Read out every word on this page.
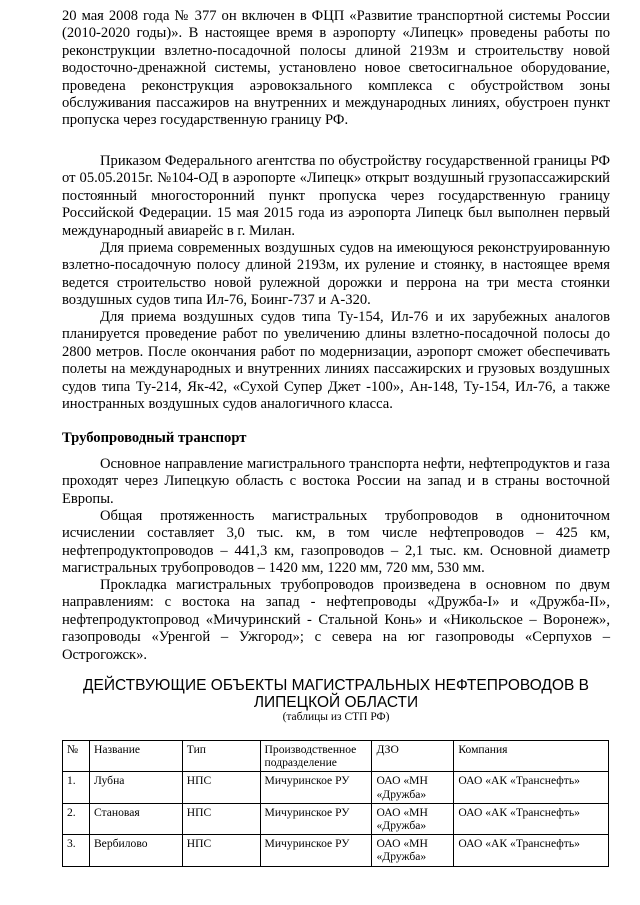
20 мая 2008 года № 377 он включен в ФЦП «Развитие транспортной системы России (2010-2020 годы)». В настоящее время в аэропорту «Липецк» проведены работы по реконструкции взлетно-посадочной полосы длиной 2193м и строительству новой водосточно-дренажной системы, установлено новое светосигнальное оборудование, проведена реконструкция аэровокзального комплекса с обустройством зоны обслуживания пассажиров на внутренних и международных линиях, обустроен пункт пропуска через государственную границу РФ.

Приказом Федерального агентства по обустройству государственной границы РФ от 05.05.2015г. №104-ОД в аэропорте «Липецк» открыт воздушный грузопассажирский постоянный многосторонний пункт пропуска через государственную границу Российской Федерации. 15 мая 2015 года из аэропорта Липецк был выполнен первый международный авиарейс в г. Милан.

Для приема современных воздушных судов на имеющуюся реконструированную взлетно-посадочную полосу длиной 2193м, их руление и стоянку, в настоящее время ведется строительство новой рулежной дорожки и перрона на три места стоянки воздушных судов типа Ил-76, Боинг-737 и А-320.

Для приема воздушных судов типа Ту-154, Ил-76 и их зарубежных аналогов планируется проведение работ по увеличению длины взлетно-посадочной полосы до 2800 метров. После окончания работ по модернизации, аэропорт сможет обеспечивать полеты на международных и внутренних линиях пассажирских и грузовых воздушных судов типа Ту-214, Як-42, «Сухой Супер Джет -100», Ан-148, Ту-154, Ил-76, а также иностранных воздушных судов аналогичного класса.

Трубопроводный транспорт

Основное направление магистрального транспорта нефти, нефтепродуктов и газа проходят через Липецкую область с востока России на запад и в страны восточной Европы.

Общая протяженность магистральных трубопроводов в однониточном исчислении составляет 3,0 тыс. км, в том числе нефтепроводов – 425 км, нефтепродуктопроводов – 441,3 км, газопроводов – 2,1 тыс. км. Основной диаметр магистральных трубопроводов – 1420 мм, 1220 мм, 720 мм, 530 мм.

Прокладка магистральных трубопроводов произведена в основном по двум направлениям: с востока на запад - нефтепроводы «Дружба-I» и «Дружба-II», нефтепродуктопровод «Мичуринский - Стальной Конь» и «Никольское – Воронеж», газопроводы «Уренгой – Ужгород»; с севера на юг газопроводы «Серпухов – Острогожск».

ДЕЙСТВУЮЩИЕ ОБЪЕКТЫ МАГИСТРАЛЬНЫХ НЕФТЕПРОВОДОВ В ЛИПЕЦКОЙ ОБЛАСТИ

(таблицы из СТП РФ)

№	Название	Тип	Производственное подразделение	ДЗО	Компания
1.	Лубна	НПС	Мичуринское РУ	ОАО «МН «Дружба»	ОАО «АК «Транснефть»
2.	Становая	НПС	Мичуринское РУ	ОАО «МН «Дружба»	ОАО «АК «Транснефть»
3.	Вербилово	НПС	Мичуринское РУ	ОАО «МН «Дружба»	ОАО «АК «Транснефть»
